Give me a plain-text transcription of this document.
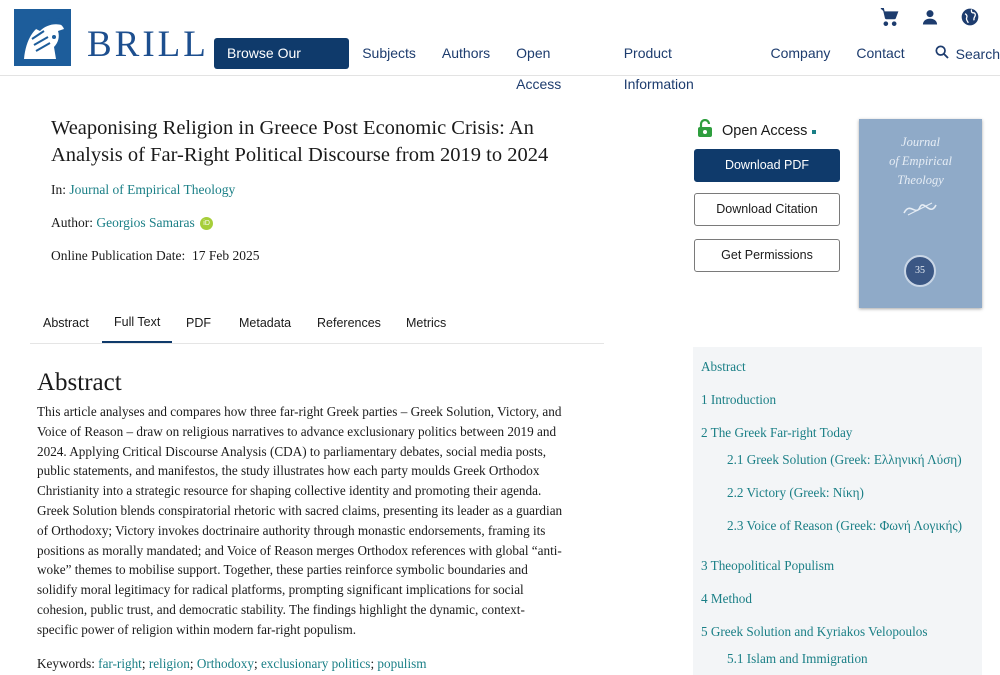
BRILL	Browse Our Titles
Subjects	Authors	Open Access
Product Information
Company	Contact	Search
Weaponising Religion in Greece Post Economic Crisis: An
Analysis of Far-Right Political Discourse from 2019 to 2024
In: Journal of Empirical Theology
Author: Georgios Samaras iD
Online Publication Date: 17 Feb 2025
Abstract	Full Text	PDF Metadata References Metrics
Abstract
This article analyses and compares how three far-right Greek parties – Greek Solution, Victory, and
Voice of Reason – draw on religious narratives to advance exclusionary politics between 2019 and
2024. Applying Critical Discourse Analysis (CDA) to parliamentary debates, social media posts,
public statements, and manifestos, the study illustrates how each party moulds Greek Orthodox
Christianity into a strategic resource for shaping collective identity and promoting their agenda.
Greek Solution blends conspiratorial rhetoric with sacred claims, presenting its leader as a guardian
of Orthodoxy; Victory invokes doctrinaire authority through monastic endorsements, framing its
positions as morally mandated; and Voice of Reason merges Orthodox references with global “anti-
woke” themes to mobilise support. Together, these parties reinforce symbolic boundaries and
solidify moral legitimacy for radical platforms, prompting significant implications for social
cohesion, public trust, and democratic stability. The findings highlight the dynamic, context-
specific power of religion within modern far-right populism.
Keywords: far-right; religion; Orthodoxy; exclusionary politics; populism
Open Access
Download PDF
Download Citation
Get Permissions
Journal
of Empirical
Theology
35
Abstract
1 Introduction
2 The Greek Far-right Today
2.1 Greek Solution (Greek: Ελληνική Λύση)
2.2 Victory (Greek: Νίκη)
2.3 Voice of Reason (Greek: Φωνή Λογικής)
3 Theopolitical Populism
4 Method
5 Greek Solution and Kyriakos Velopoulos
5.1 Islam and Immigration
